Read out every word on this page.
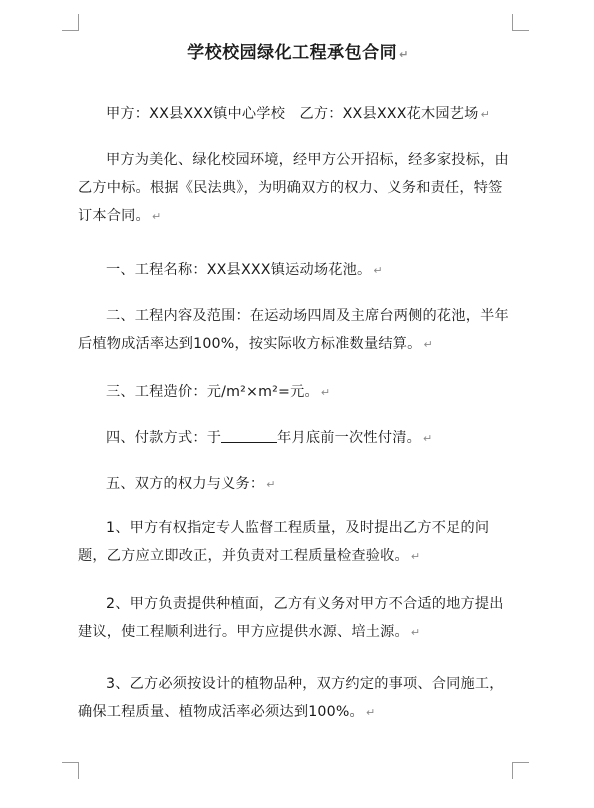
学校校园绿化工程承包合同 ↵
甲方：XX县XXX镇中心学校　乙方：XX县XXX花木园艺场 ↵
甲方为美化、绿化校园环境，经甲方公开招标，经多家投标，由乙方中标。根据《民法典》，为明确双方的权力、义务和责任，特签订本合同。 ↵
一、工程名称：XX县XXX镇运动场花池。 ↵
二、工程内容及范围：在运动场四周及主席台两侧的花池，半年后植物成活率达到100%，按实际收方标准数量结算。 ↵
三、工程造价：元/m²×m²=元。 ↵
四、付款方式：于	年月底前一次性付清。 ↵
五、双方的权力与义务： ↵
1、甲方有权指定专人监督工程质量，及时提出乙方不足的问题，乙方应立即改正，并负责对工程质量检查验收。 ↵
2、甲方负责提供种植面，乙方有义务对甲方不合适的地方提出建议，使工程顺利进行。甲方应提供水源、培土源。 ↵
3、乙方必须按设计的植物品种，双方约定的事项、合同施工，确保工程质量、植物成活率必须达到100%。 ↵
